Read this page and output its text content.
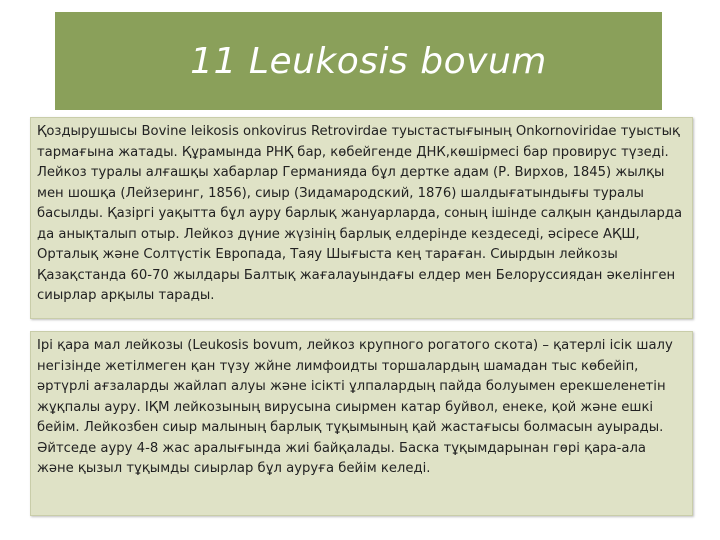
11 Leukosis bovum
Қоздырушысы Bovine leikosis onkovirus Retrovirdae туыстастығының Onkornoviridae туыстық тармағына жатады. Құрамында РНҚ бар, көбейгенде ДНК,көшірмесі бар провирус түзеді. Лейкоз туралы алғашқы хабарлар Германияда бұл дертке адам (Р. Вирхов, 1845) жылқы мен шошқа (Лейзеринг, 1856), сиыр (Зидамародский, 1876) шалдығатындығы туралы басылды. Қазіргі уақытта бұл ауру барлық жануарларда, соның ішінде салқын қандыларда да анықталып отыр. Лейкоз дүние жүзінің барлық елдерінде кездеседі, әсіресе АҚШ, Орталық және Солтүстік Европада, Таяу Шығыста кең тараған. Сиырдын лейкозы Қазақстанда 60-70 жылдары Балтық жағалауындағы елдер мен Белоруссиядан әкелінген сиырлар арқылы тарады.
Ірі қара мал лейкозы (Leukosis bovum, лейкоз крупного рогатого скота) – қатерлі ісік шалу негізінде жетілмеген қан түзу жйне лимфоидты торшалардың шамадан тыс көбейіп, әртүрлі ағзаларды жайлап алуы және ісікті ұлпалардың пайда болуымен ерекшеленетін жұқпалы ауру. ІҚМ лейкозының вирусына сиырмен катар буйвол, енеке, қой және ешкі бейім. Лейкозбен сиыр малының барлық тұқымының қай жастағысы болмасын ауырады. Әйтседе ауру 4-8 жас аралығында жиі байқалады. Баска тұқымдарынан гөрі қара-ала және қызыл тұқымды сиырлар бұл ауруға бейім келеді.
